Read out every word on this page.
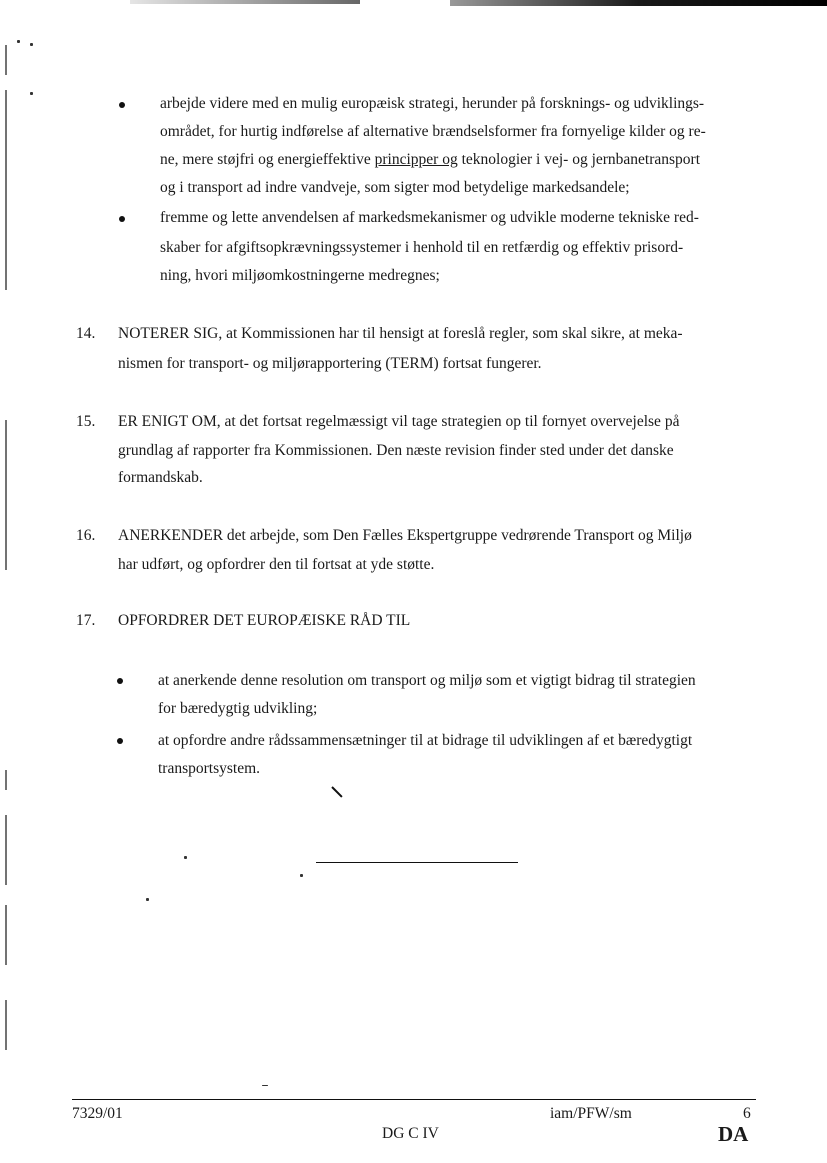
arbejde videre med en mulig europæisk strategi, herunder på forsknings- og udviklings-
området, for hurtig indførelse af alternative brændselsformer fra fornyelige kilder og re-
ne, mere støjfri og energieffektive principper og teknologier i vej- og jernbanetransport
og i transport ad indre vandveje, som sigter mod betydelige markedsandele;
fremme og lette anvendelsen af markedsmekanismer og udvikle moderne tekniske red-
skaber for afgiftsopkrævningssystemer i henhold til en retfærdig og effektiv prisord-
ning, hvori miljøomkostningerne medregnes;
14. NOTERER SIG, at Kommissionen har til hensigt at foreslå regler, som skal sikre, at meka-
nismen for transport- og miljørapportering (TERM) fortsat fungerer.
15. ER ENIGT OM, at det fortsat regelmæssigt vil tage strategien op til fornyet overvejelse på
grundlag af rapporter fra Kommissionen. Den næste revision finder sted under det danske
formandskab.
16. ANERKENDER det arbejde, som Den Fælles Ekspertgruppe vedrørende Transport og Miljø
har udført, og opfordrer den til fortsat at yde støtte.
17. OPFORDRER DET EUROPÆISKE RÅD TIL
at anerkende denne resolution om transport og miljø som et vigtigt bidrag til strategien
for bæredygtig udvikling;
at opfordre andre rådssammensætninger til at bidrage til udviklingen af et bæredygtigt
transportsystem.
7329/01	iam/PFW/sm	6
DG C IV	DA
